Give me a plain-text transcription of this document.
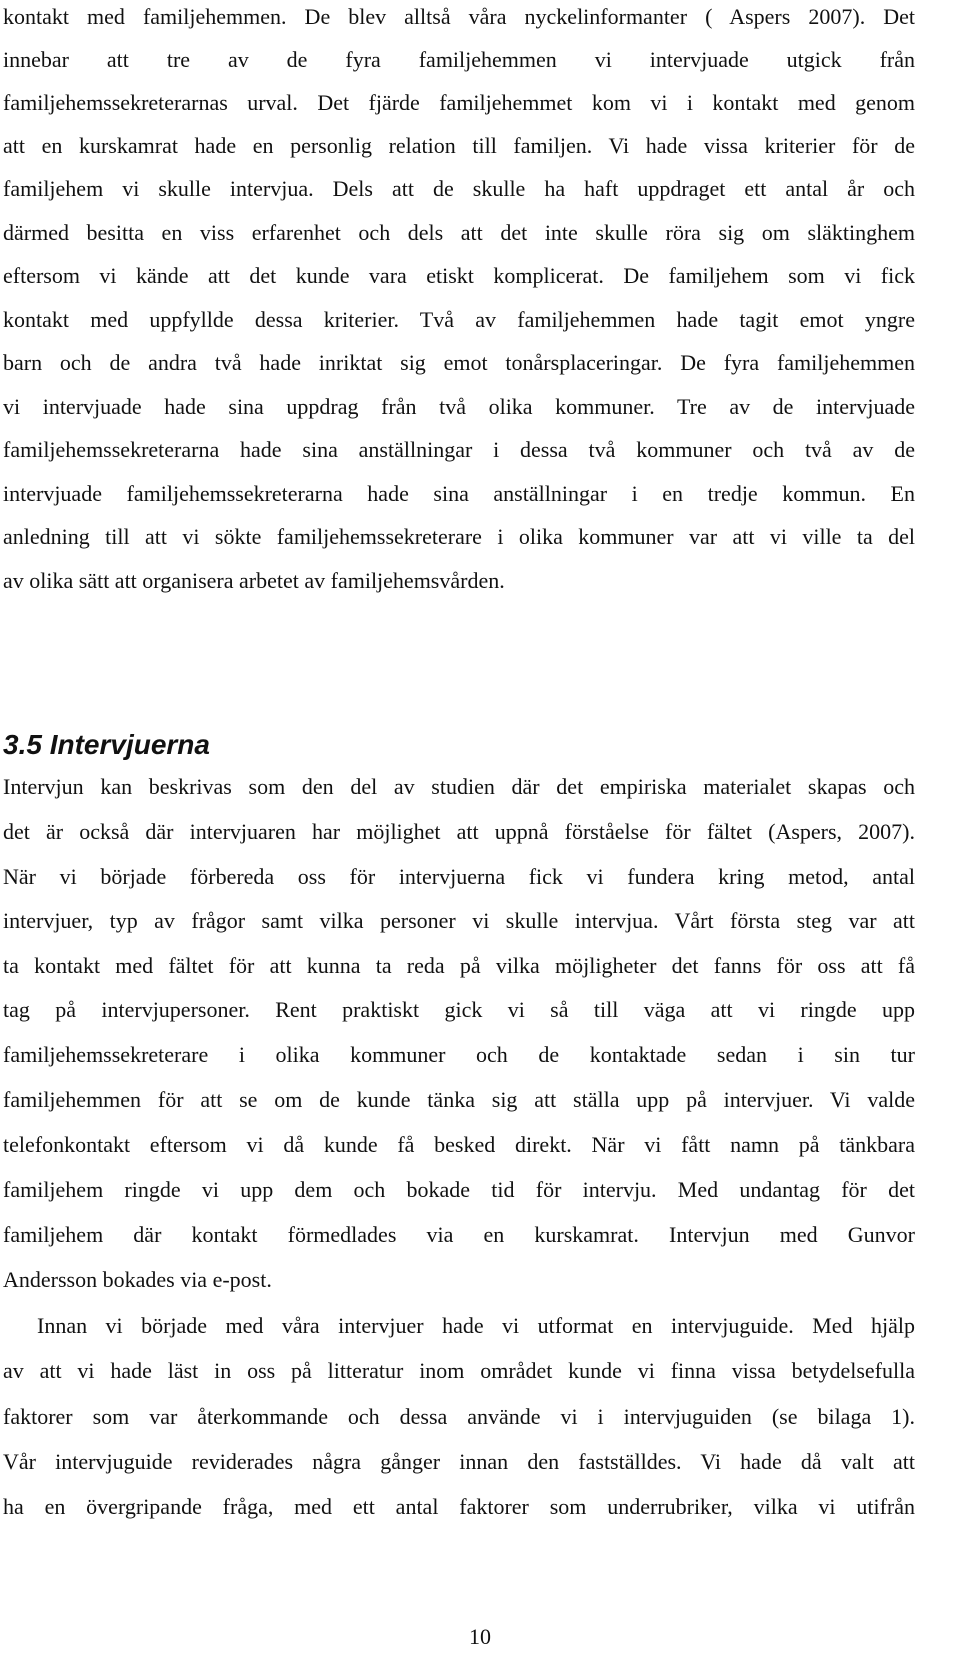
kontakt med familjehemmen. De blev alltså våra nyckelinformanter ( Aspers 2007). Det
innebar att tre av de fyra familjehemmen vi intervjuade utgick från
familjehemssekreterarnas urval. Det fjärde familjehemmet kom vi i kontakt med genom
att en kurskamrat hade en personlig relation till familjen. Vi hade vissa kriterier för de
familjehem vi skulle intervjua. Dels att de skulle ha haft uppdraget ett antal år och
därmed besitta en viss erfarenhet och dels att det inte skulle röra sig om släktinghem
eftersom vi kände att det kunde vara etiskt komplicerat. De familjehem som vi fick
kontakt med uppfyllde dessa kriterier. Två av familjehemmen hade tagit emot yngre
barn och de andra två hade inriktat sig emot tonårsplaceringar. De fyra familjehemmen
vi intervjuade hade sina uppdrag från två olika kommuner. Tre av de intervjuade
familjehemssekreterarna hade sina anställningar i dessa två kommuner och två av de
intervjuade familjehemssekreterarna hade sina anställningar i en tredje kommun. En
anledning till att vi sökte familjehemssekreterare i olika kommuner var att vi ville ta del
av olika sätt att organisera arbetet av familjehemsvården.
3.5 Intervjuerna
Intervjun kan beskrivas som den del av studien där det empiriska materialet skapas och
det är också där intervjuaren har möjlighet att uppnå förståelse för fältet (Aspers, 2007).
När vi började förbereda oss för intervjuerna fick vi fundera kring metod, antal
intervjuer, typ av frågor samt vilka personer vi skulle intervjua. Vårt första steg var att
ta kontakt med fältet för att kunna ta reda på vilka möjligheter det fanns för oss att få
tag på intervjupersoner. Rent praktiskt gick vi så till väga att vi ringde upp
familjehemssekreterare i olika kommuner och de kontaktade sedan i sin tur
familjehemmen för att se om de kunde tänka sig att ställa upp på intervjuer. Vi valde
telefonkontakt eftersom vi då kunde få besked direkt. När vi fått namn på tänkbara
familjehem ringde vi upp dem och bokade tid för intervju. Med undantag för det
familjehem där kontakt förmedlades via en kurskamrat. Intervjun med Gunvor
Andersson bokades via e-post.
Innan vi började med våra intervjuer hade vi utformat en intervjuguide. Med hjälp
av att vi hade läst in oss på litteratur inom området kunde vi finna vissa betydelsefulla
faktorer som var återkommande och dessa använde vi i intervjuguiden (se bilaga 1).
Vår intervjuguide reviderades några gånger innan den fastställdes. Vi hade då valt att
ha en övergripande fråga, med ett antal faktorer som underrubriker, vilka vi utifrån
10
